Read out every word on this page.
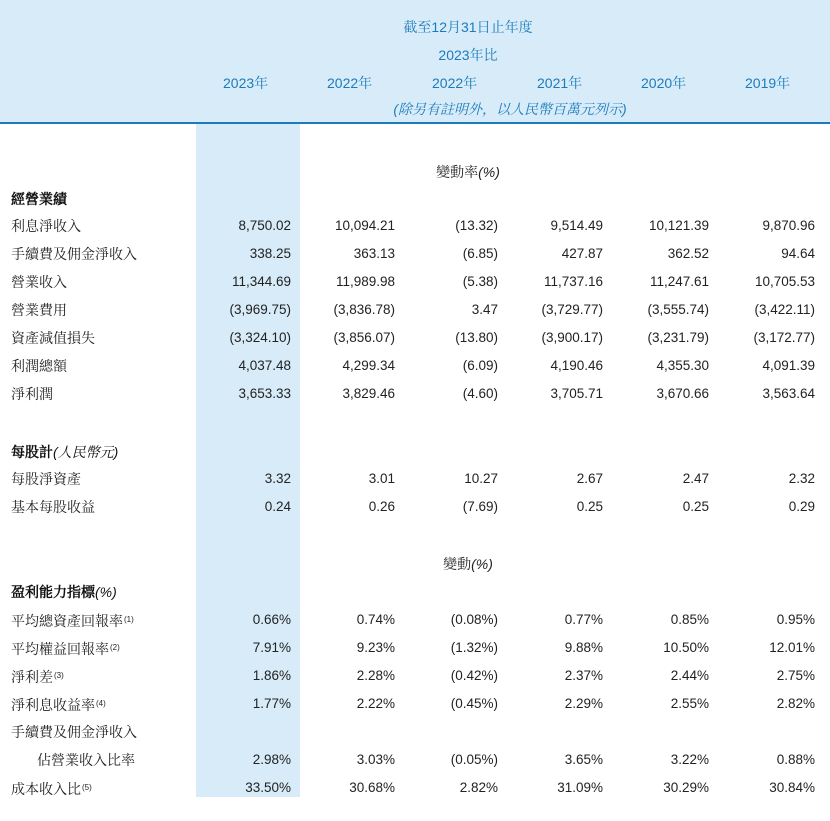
截至12月31日止年度
2023年比
2023年	2022年	2022年	2021年	2020年	2019年
(除另有註明外，以人民幣百萬元列示)
變動率(%)
經營業績
利息淨收入	8,750.02	10,094.21	(13.32)	9,514.49	10,121.39	9,870.96
手續費及佣金淨收入	338.25	363.13	(6.85)	427.87	362.52	94.64
營業收入	11,344.69	11,989.98	(5.38)	11,737.16	11,247.61	10,705.53
營業費用	(3,969.75)	(3,836.78)	3.47	(3,729.77)	(3,555.74)	(3,422.11)
資產減值損失	(3,324.10)	(3,856.07)	(13.80)	(3,900.17)	(3,231.79)	(3,172.77)
利潤總額	4,037.48	4,299.34	(6.09)	4,190.46	4,355.30	4,091.39
淨利潤	3,653.33	3,829.46	(4.60)	3,705.71	3,670.66	3,563.64
每股計(人民幣元)
每股淨資產	3.32	3.01	10.27	2.67	2.47	2.32
基本每股收益	0.24	0.26	(7.69)	0.25	0.25	0.29
變動(%)
盈利能力指標(%)
平均總資產回報率$^{(1)}$	0.66%	0.74%	(0.08%)	0.77%	0.85%	0.95%
平均權益回報率$^{(2)}$	7.91%	9.23%	(1.32%)	9.88%	10.50%	12.01%
淨利差$^{(3)}$	1.86%	2.28%	(0.42%)	2.37%	2.44%	2.75%
淨利息收益率$^{(4)}$	1.77%	2.22%	(0.45%)	2.29%	2.55%	2.82%
手續費及佣金淨收入
佔營業收入比率	2.98%	3.03%	(0.05%)	3.65%	3.22%	0.88%
成本收入比$^{(5)}$	33.50%	30.68%	2.82%	31.09%	30.29%	30.84%
